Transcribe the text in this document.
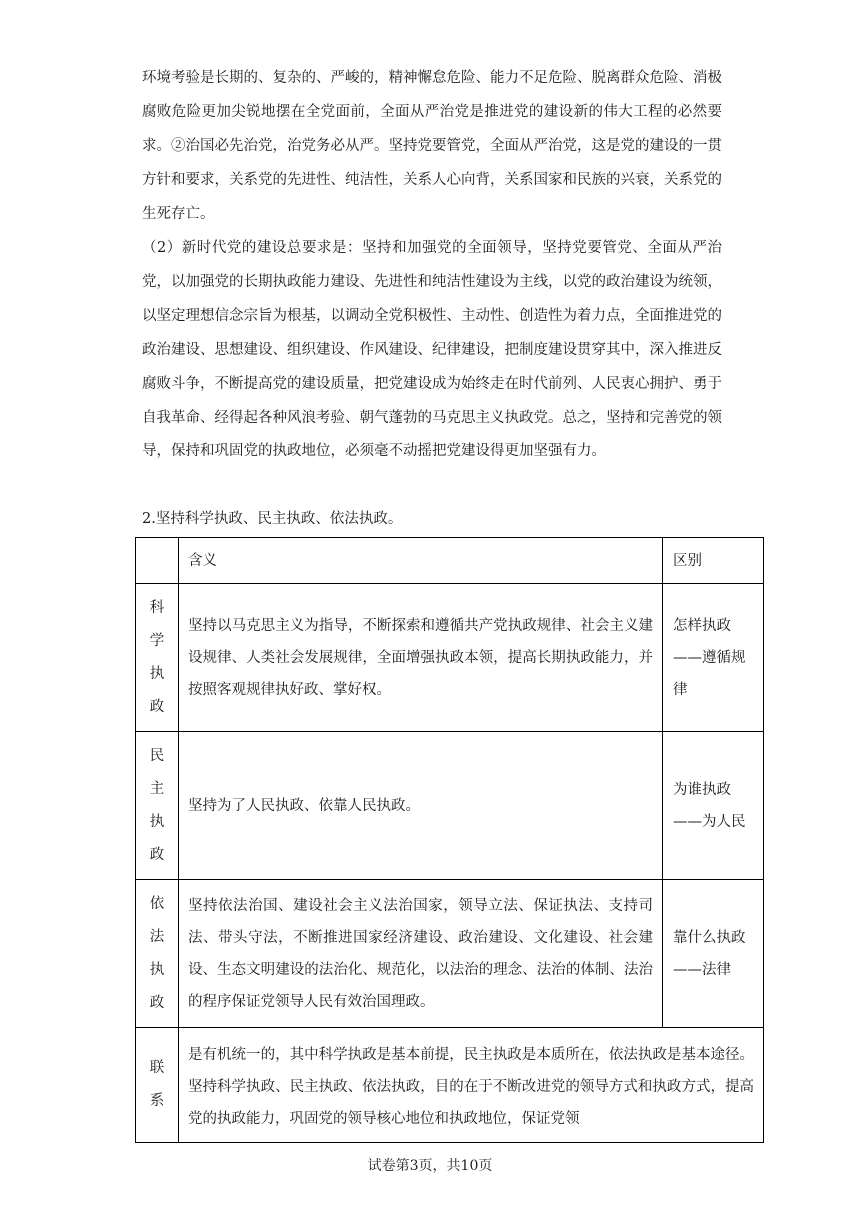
环境考验是长期的、复杂的、严峻的，精神懈怠危险、能力不足危险、脱离群众危险、消极腐败危险更加尖锐地摆在全党面前，全面从严治党是推进党的建设新的伟大工程的必然要求。②治国必先治党，治党务必从严。坚持党要管党，全面从严治党，这是党的建设的一贯方针和要求，关系党的先进性、纯洁性，关系人心向背，关系国家和民族的兴衰，关系党的生死存亡。

（2）新时代党的建设总要求是：坚持和加强党的全面领导，坚持党要管党、全面从严治党，以加强党的长期执政能力建设、先进性和纯洁性建设为主线，以党的政治建设为统领，以坚定理想信念宗旨为根基，以调动全党积极性、主动性、创造性为着力点，全面推进党的政治建设、思想建设、组织建设、作风建设、纪律建设，把制度建设贯穿其中，深入推进反腐败斗争，不断提高党的建设质量，把党建设成为始终走在时代前列、人民衷心拥护、勇于自我革命、经得起各种风浪考验、朝气蓬勃的马克思主义执政党。总之，坚持和完善党的领导，保持和巩固党的执政地位，必须毫不动摇把党建设得更加坚强有力。

2.坚持科学执政、民主执政、依法执政。

	含义	区别

科
学
执
政	坚持以马克思主义为指导，不断探索和遵循共产党执政规律、社会主义建设规律、人类社会发展规律，全面增强执政本领，提高长期执政能力，并按照客观规律执好政、掌好权。	怎样执政——遵循规律

民
主
执
政	坚持为了人民执政、依靠人民执政。	为谁执政——为人民

依
法
执
政	坚持依法治国、建设社会主义法治国家，领导立法、保证执法、支持司法、带头守法，不断推进国家经济建设、政治建设、文化建设、社会建设、生态文明建设的法治化、规范化，以法治的理念、法治的体制、法治的程序保证党领导人民有效治国理政。	靠什么执政——法律

联
系	是有机统一的，其中科学执政是基本前提，民主执政是本质所在，依法执政是基本途径。坚持科学执政、民主执政、依法执政，目的在于不断改进党的领导方式和执政方式，提高党的执政能力，巩固党的领导核心地位和执政地位，保证党领	
试卷第3页，共10页
